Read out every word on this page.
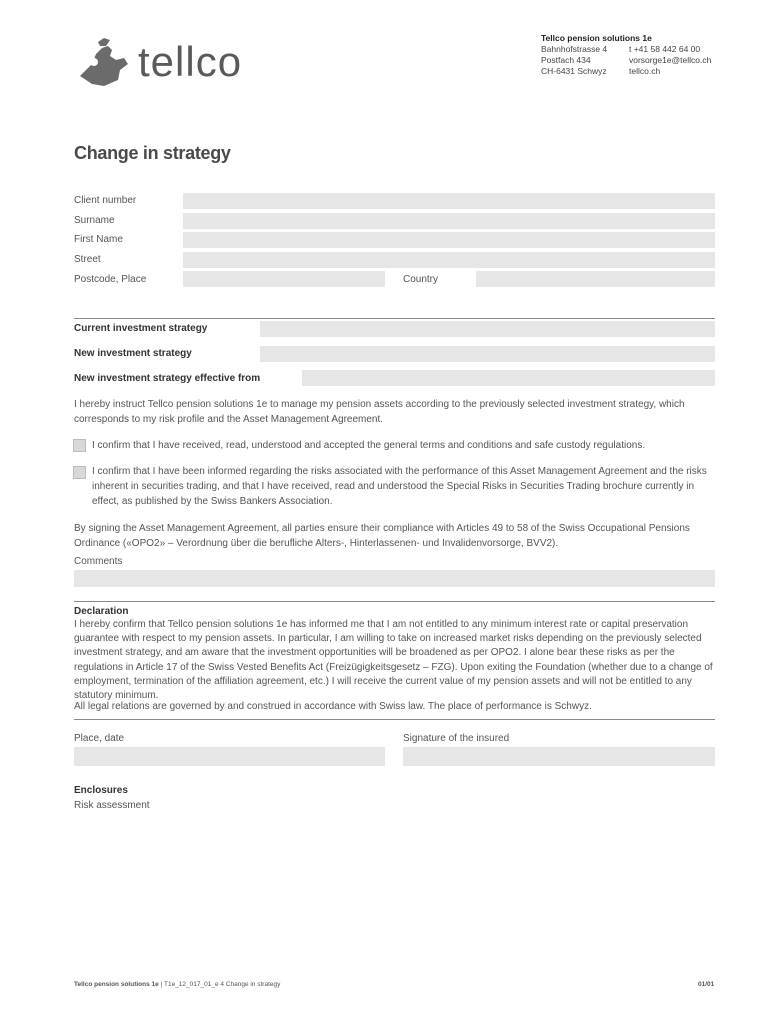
tellco	Tellco pension solutions 1e
Bahnhofstrasse 4
Postfach 434
CH-6431 Schwyz
t +41 58 442 64 00
vorsorge1e@tellco.ch
tellco.ch
Change in strategy
Client number
Surname
First Name
Street
Postcode, Place	Country
Current investment strategy
New investment strategy
New investment strategy effective from
I hereby instruct Tellco pension solutions 1e to manage my pension assets according to the previously selected investment strategy, which corresponds to my risk profile and the Asset Management Agreement.
I confirm that I have received, read, understood and accepted the general terms and conditions and safe custody regulations.
I confirm that I have been informed regarding the risks associated with the performance of this Asset Management Agreement and the risks inherent in securities trading, and that I have received, read and understood the Special Risks in Securities Trading brochure currently in effect, as published by the Swiss Bankers Association.
By signing the Asset Management Agreement, all parties ensure their compliance with Articles 49 to 58 of the Swiss Occupational Pensions Ordinance («OPO2» – Verordnung über die berufliche Alters-, Hinterlassenen- und Invalidenvorsorge, BVV2).
Comments
Declaration
I hereby confirm that Tellco pension solutions 1e has informed me that I am not entitled to any minimum interest rate or capital preservation guarantee with respect to my pension assets. In particular, I am willing to take on increased market risks depending on the previously selected investment strategy, and am aware that the investment opportunities will be broadened as per OPO2. I alone bear these risks as per the regulations in Article 17 of the Swiss Vested Benefits Act (Freizügigkeitsgesetz – FZG). Upon exiting the Foundation (whether due to a change of employment, termination of the affiliation agreement, etc.) I will receive the current value of my pension assets and will not be entitled to any statutory minimum.
All legal relations are governed by and construed in accordance with Swiss law. The place of performance is Schwyz.
Place, date	Signature of the insured
Enclosures
Risk assessment
Tellco pension solutions 1e | T1e_12_017_01_e 4 Change in strategy	01/01
